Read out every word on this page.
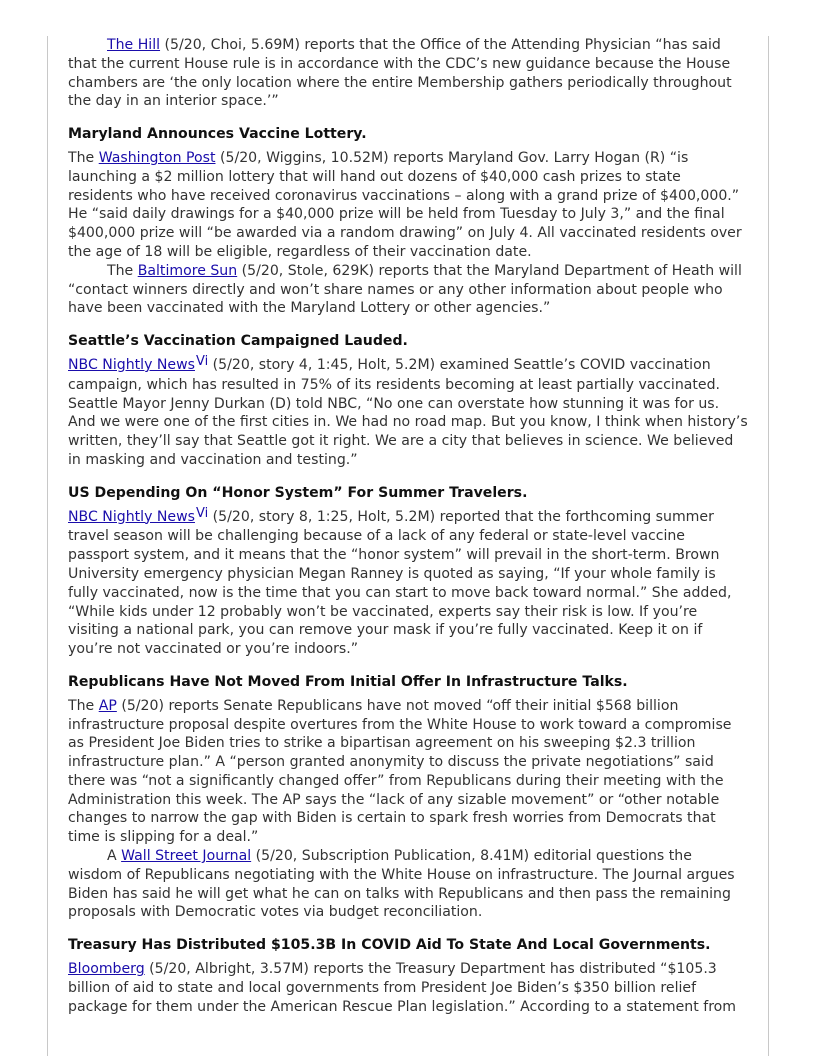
The Hill (5/20, Choi, 5.69M) reports that the Office of the Attending Physician “has said that the current House rule is in accordance with the CDC’s new guidance because the House chambers are ‘the only location where the entire Membership gathers periodically throughout the day in an interior space.’”

Maryland Announces Vaccine Lottery.

The Washington Post (5/20, Wiggins, 10.52M) reports Maryland Gov. Larry Hogan (R) “is launching a $2 million lottery that will hand out dozens of $40,000 cash prizes to state residents who have received coronavirus vaccinations – along with a grand prize of $400,000.” He “said daily drawings for a $40,000 prize will be held from Tuesday to July 3,” and the final $400,000 prize will “be awarded via a random drawing” on July 4. All vaccinated residents over the age of 18 will be eligible, regardless of their vaccination date.

The Baltimore Sun (5/20, Stole, 629K) reports that the Maryland Department of Heath will “contact winners directly and won’t share names or any other information about people who have been vaccinated with the Maryland Lottery or other agencies.”

Seattle’s Vaccination Campaigned Lauded.

NBC Nightly NewsVi (5/20, story 4, 1:45, Holt, 5.2M) examined Seattle’s COVID vaccination campaign, which has resulted in 75% of its residents becoming at least partially vaccinated. Seattle Mayor Jenny Durkan (D) told NBC, “No one can overstate how stunning it was for us. And we were one of the first cities in. We had no road map. But you know, I think when history’s written, they’ll say that Seattle got it right. We are a city that believes in science. We believed in masking and vaccination and testing.”

US Depending On “Honor System” For Summer Travelers.

NBC Nightly NewsVi (5/20, story 8, 1:25, Holt, 5.2M) reported that the forthcoming summer travel season will be challenging because of a lack of any federal or state-level vaccine passport system, and it means that the “honor system” will prevail in the short-term. Brown University emergency physician Megan Ranney is quoted as saying, “If your whole family is fully vaccinated, now is the time that you can start to move back toward normal.” She added, “While kids under 12 probably won’t be vaccinated, experts say their risk is low. If you’re visiting a national park, you can remove your mask if you’re fully vaccinated. Keep it on if you’re not vaccinated or you’re indoors.”

Republicans Have Not Moved From Initial Offer In Infrastructure Talks.

The AP (5/20) reports Senate Republicans have not moved “off their initial $568 billion infrastructure proposal despite overtures from the White House to work toward a compromise as President Joe Biden tries to strike a bipartisan agreement on his sweeping $2.3 trillion infrastructure plan.” A “person granted anonymity to discuss the private negotiations” said there was “not a significantly changed offer” from Republicans during their meeting with the Administration this week. The AP says the “lack of any sizable movement” or “other notable changes to narrow the gap with Biden is certain to spark fresh worries from Democrats that time is slipping for a deal.”

A Wall Street Journal (5/20, Subscription Publication, 8.41M) editorial questions the wisdom of Republicans negotiating with the White House on infrastructure. The Journal argues Biden has said he will get what he can on talks with Republicans and then pass the remaining proposals with Democratic votes via budget reconciliation.

Treasury Has Distributed $105.3B In COVID Aid To State And Local Governments.

Bloomberg (5/20, Albright, 3.57M) reports the Treasury Department has distributed “$105.3 billion of aid to state and local governments from President Joe Biden’s $350 billion relief package for them under the American Rescue Plan legislation.” According to a statement from
